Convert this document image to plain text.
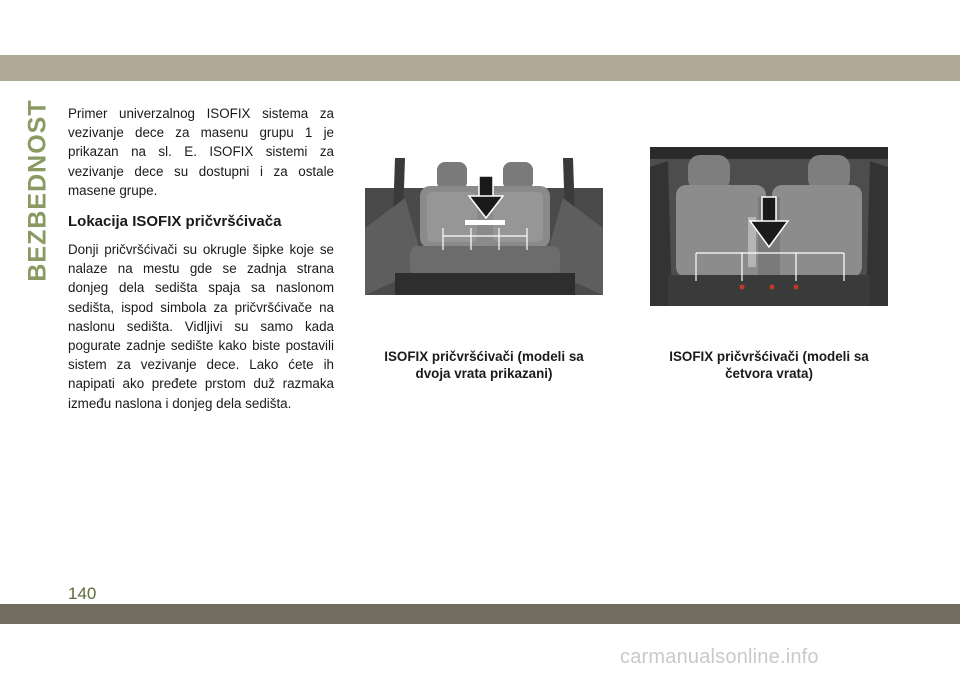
BEZBEDNOST Primer univerzalnog ISOFIX sistema za vezivanje dece za masenu grupu 1 je prikazan na sl. E. ISOFIX sistemi za vezivanje dece su dostupni i za ostale masene grupe.

Lokacija ISOFIX pričvršćivača

Donji pričvršćivači su okrugle šipke koje se nalaze na mestu gde se zadnja strana donjeg dela sedišta spaja sa naslonom sedišta, ispod simbola za pričvršćivače na naslonu sedišta. Vidljivi su samo kada pogurate zadnje sedište kako biste postavili sistem za vezivanje dece. Lako ćete ih napipati ako pređete prstom duž razmaka između naslona i donjeg dela sedišta.

ISOFIX pričvršćivači (modeli sa
dvoja vrata prikazani)
ISOFIX pričvršćivači (modeli sa
četvora vrata)
140
carmanualsonline.info
